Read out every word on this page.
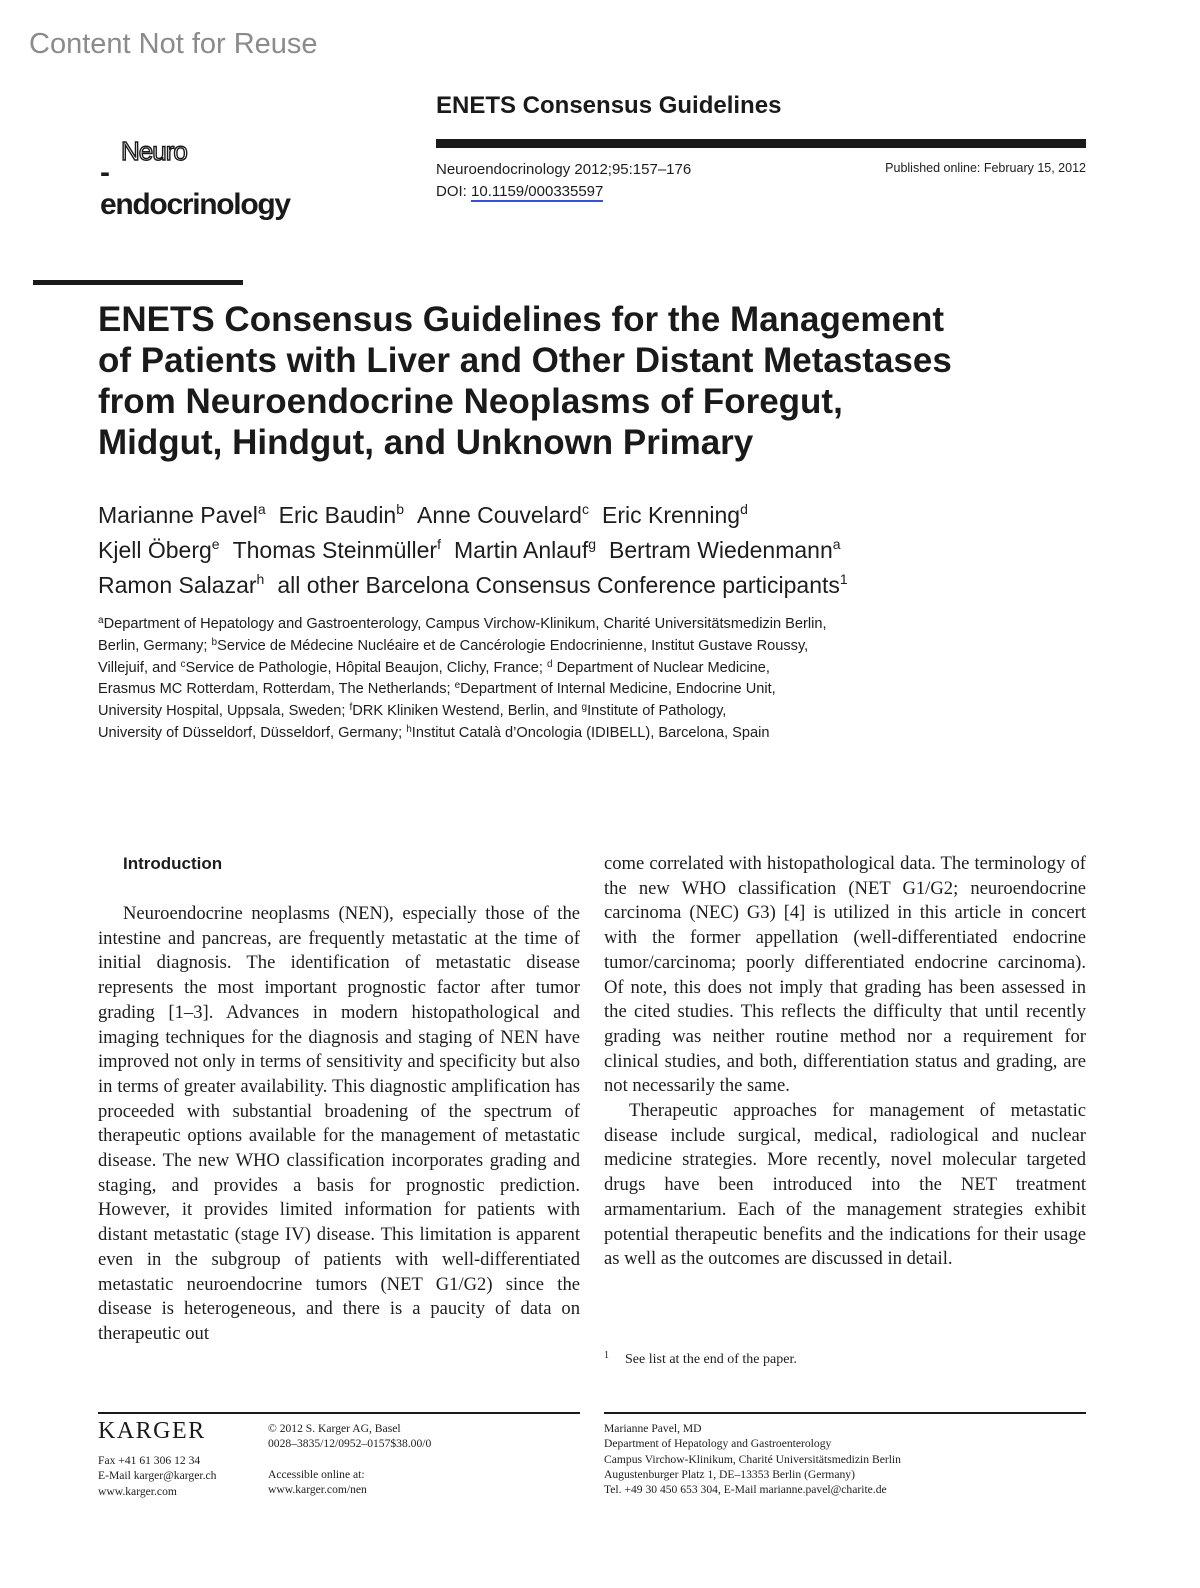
Content Not for Reuse
ENETS Consensus Guidelines
Neuro
-endocrinology
Neuroendocrinology 2012;95:157–176
DOI: 10.1159/000335597
Published online: February 15, 2012
ENETS Consensus Guidelines for the Management of Patients with Liver and Other Distant Metastases from Neuroendocrine Neoplasms of Foregut, Midgut, Hindgut, and Unknown Primary
Marianne Pavel$^a$ Eric Baudin$^b$ Anne Couvelard$^c$ Eric Krenning$^d$
Kjell Öberg$^e$ Thomas Steinmüller$^f$ Martin Anlauf$^g$ Bertram Wiedenmann$^a$
Ramon Salazar$^h$ all other Barcelona Consensus Conference participants$^1$
$^a$Department of Hepatology and Gastroenterology, Campus Virchow-Klinikum, Charité Universitätsmedizin Berlin,
Berlin, Germany; $^b$Service de Médecine Nucléaire et de Cancérologie Endocrinienne, Institut Gustave Roussy,
Villejuif, and $^c$Service de Pathologie, Hôpital Beaujon, Clichy, France; $^d$ Department of Nuclear Medicine,
Erasmus MC Rotterdam, Rotterdam, The Netherlands; $^e$Department of Internal Medicine, Endocrine Unit,
University Hospital, Uppsala, Sweden; $^f$DRK Kliniken Westend, Berlin, and $^g$Institute of Pathology,
University of Düsseldorf, Düsseldorf, Germany; $^h$Institut Català d’Oncologia (IDIBELL), Barcelona, Spain
Introduction

Neuroendocrine neoplasms (NEN), especially those of the intestine and pancreas, are frequently metastatic at the time of initial diagnosis. The identification of metastatic disease represents the most important prognostic factor after tumor grading [1–3]. Advances in modern histopathological and imaging techniques for the diagnosis and staging of NEN have improved not only in terms of sensitivity and specificity but also in terms of greater availability. This diagnostic amplification has proceeded with substantial broadening of the spectrum of therapeutic options available for the management of metastatic disease. The new WHO classification incorporates grading and staging, and provides a basis for prognostic prediction. However, it provides limited information for patients with distant metastatic (stage IV) disease. This limitation is apparent even in the subgroup of patients with well-differentiated metastatic neuroendocrine tumors (NET G1/G2) since the disease is heterogeneous, and there is a paucity of data on therapeutic out

come correlated with histopathological data. The terminology of the new WHO classification (NET G1/G2; neuroendocrine carcinoma (NEC) G3) [4] is utilized in this article in concert with the former appellation (well-differentiated endocrine tumor/carcinoma; poorly differentiated endocrine carcinoma). Of note, this does not imply that grading has been assessed in the cited studies. This reflects the difficulty that until recently grading was neither routine method nor a requirement for clinical studies, and both, differentiation status and grading, are not necessarily the same.

Therapeutic approaches for management of metastatic disease include surgical, medical, radiological and nuclear medicine strategies. More recently, novel molecular targeted drugs have been introduced into the NET treatment armamentarium. Each of the management strategies exhibit potential therapeutic benefits and the indications for their usage as well as the outcomes are discussed in detail.

$^1$ See list at the end of the paper.
KARGER
Fax +41 61 306 12 34
E-Mail karger@karger.ch
www.karger.com
© 2012 S. Karger AG, Basel
0028–3835/12/0952–0157$38.00/0
Accessible online at:
www.karger.com/nen
Marianne Pavel, MD
Department of Hepatology and Gastroenterology
Campus Virchow-Klinikum, Charité Universitätsmedizin Berlin
Augustenburger Platz 1, DE–13353 Berlin (Germany)
Tel. +49 30 450 653 304, E-Mail marianne.pavel@charite.de
